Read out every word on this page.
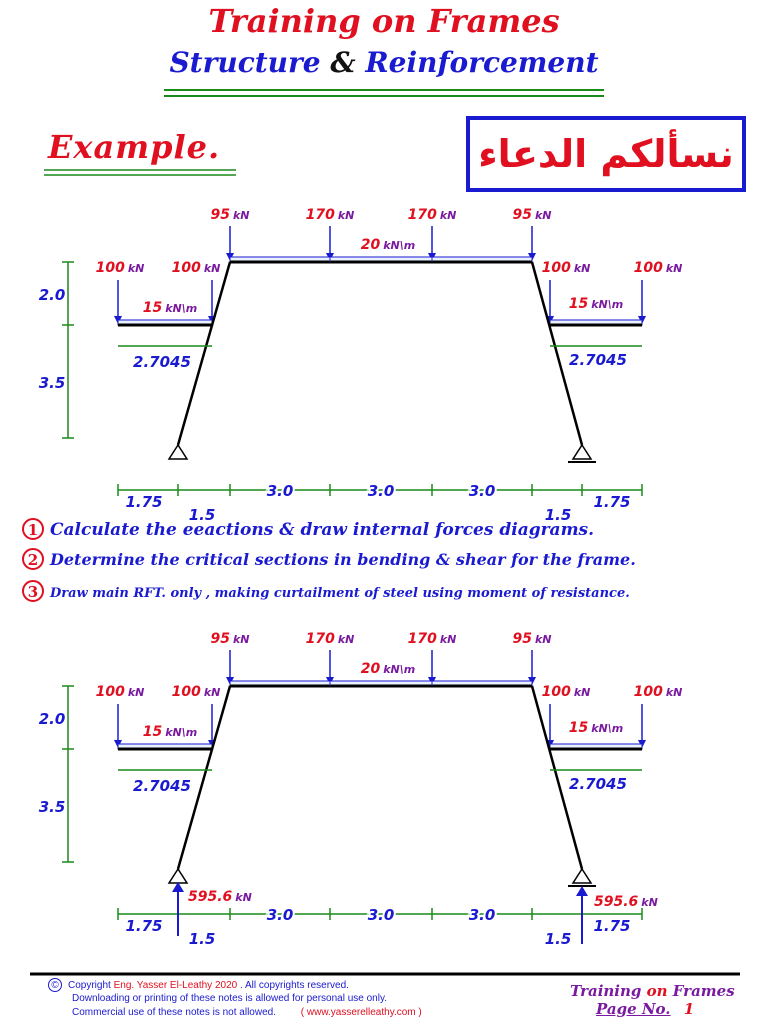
Training on Frames
Structure & Reinforcement
Example.	نسألكم الدعاء
95 kN	170 kN	170 kN	95 kN
20 kN\m
100 kN 100 kN	100 kN	100 kN
15 kN\m	15 kN\m
2.0
3.5
2.7045	2.7045
1.75
1.5
3.0	3.0	3.0
1.5
1.75
1 Calculate the eeactions & draw internal forces diagrams.
2 Determine the critical sections in bending & shear for the frame.
3 Draw main RFT. only , making curtailment of steel using moment of resistance.
95 kN	170 kN	170 kN	95 kN
20 kN\m
100 kN 100 kN	100 kN	100 kN
15 kN\m	15 kN\m
2.0
3.5
2.7045	2.7045
1.75
1.5
3.0	3.0	3.0
1.5
1.75
595.6 kN	595.6 kN
© Copyright Eng. Yasser El-Leathy 2020 . All copyrights reserved.
Downloading or printing of these notes is allowed for personal use only.
Commercial use of these notes is not allowed. ( www.yasserelleathy.com )
Training on Frames
Page No. 1
